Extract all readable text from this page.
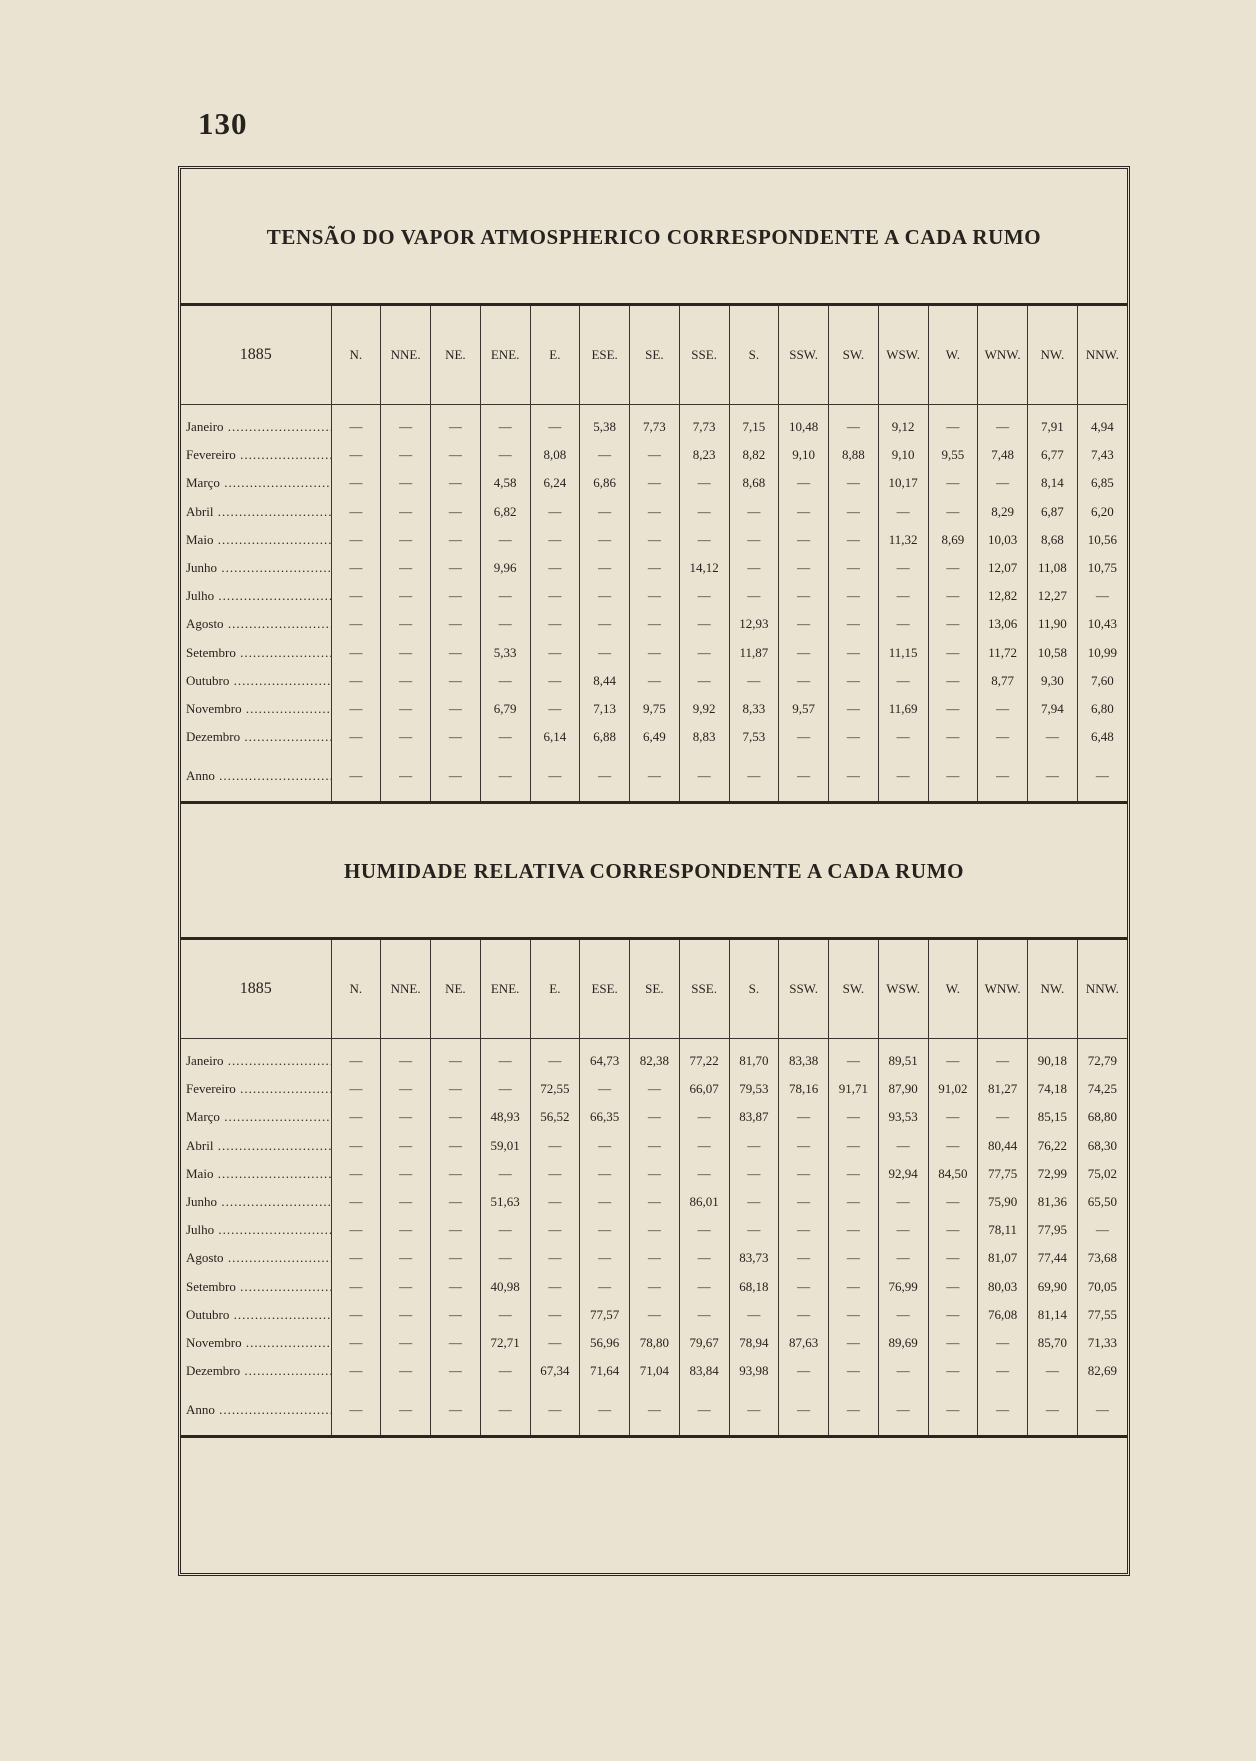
130
TENSÃO DO VAPOR ATMOSPHERICO CORRESPONDENTE A CADA RUMO
1885	N.	NNE.	NE.	ENE.	E.	ESE.	SE.	SSE.	S.	SSW.	SW.	WSW.	W.	WNW.	NW.	NNW.
Janeiro .....	—	—	—	—	—	5,38	7,73	7,73	7,15	10,48	—	9,12	—	—	7,91	4,94
Fevereiro .....	—	—	—	—	8,08	—	—	8,23	8,82	9,10	8,88	9,10	9,55	7,48	6,77	7,43
Março .....	—	—	—	4,58	6,24	6,86	—	—	8,68	—	—	10,17	—	—	8,14	6,85
Abril .....	—	—	—	6,82	—	—	—	—	—	—	—	—	—	8,29	6,87	6,20
Maio .....	—	—	—	—	—	—	—	—	—	—	—	11,32	8,69	10,03	8,68	10,56
Junho .....	—	—	—	9,96	—	—	—	14,12	—	—	—	—	—	12,07	11,08	10,75
Julho .....	—	—	—	—	—	—	—	—	—	—	—	—	—	12,82	12,27	—
Agosto .....	—	—	—	—	—	—	—	—	12,93	—	—	—	—	13,06	11,90	10,43
Setembro .....	—	—	—	5,33	—	—	—	—	11,87	—	—	11,15	—	11,72	10,58	10,99
Outubro .....	—	—	—	—	—	8,44	—	—	—	—	—	—	—	8,77	9,30	7,60
Novembro .....	—	—	—	6,79	—	7,13	9,75	9,92	8,33	9,57	—	11,69	—	—	7,94	6,80
Dezembro .....	—	—	—	—	6,14	6,88	6,49	8,83	7,53	—	—	—	—	—	—	6,48
Anno .....	—	—	—	—	—	—	—	—	—	—	—	—	—	—	—	—
HUMIDADE RELATIVA CORRESPONDENTE A CADA RUMO
1885	N.	NNE.	NE.	ENE.	E.	ESE.	SE.	SSE.	S.	SSW.	SW.	WSW.	W.	WNW.	NW.	NNW.
Janeiro .....	—	—	—	—	—	64,73	82,38	77,22	81,70	83,38	—	89,51	—	—	90,18	72,79
Fevereiro .....	—	—	—	—	72,55	—	—	66,07	79,53	78,16	91,71	87,90	91,02	81,27	74,18	74,25
Março .....	—	—	—	48,93	56,52	66,35	—	—	83,87	—	—	93,53	—	—	85,15	68,80
Abril .....	—	—	—	59,01	—	—	—	—	—	—	—	—	—	80,44	76,22	68,30
Maio .....	—	—	—	—	—	—	—	—	—	—	—	92,94	84,50	77,75	72,99	75,02
Junho .....	—	—	—	51,63	—	—	—	86,01	—	—	—	—	—	75,90	81,36	65,50
Julho .....	—	—	—	—	—	—	—	—	—	—	—	—	—	78,11	77,95	—
Agosto .....	—	—	—	—	—	—	—	—	83,73	—	—	—	—	81,07	77,44	73,68
Setembro .....	—	—	—	40,98	—	—	—	—	68,18	—	—	76,99	—	80,03	69,90	70,05
Outubro .....	—	—	—	—	—	77,57	—	—	—	—	—	—	—	76,08	81,14	77,55
Novembro .....	—	—	—	72,71	—	56,96	78,80	79,67	78,94	87,63	—	89,69	—	—	85,70	71,33
Dezembro .....	—	—	—	—	67,34	71,64	71,04	83,84	93,98	—	—	—	—	—	—	82,69
Anno .....	—	—	—	—	—	—	—	—	—	—	—	—	—	—	—	—
